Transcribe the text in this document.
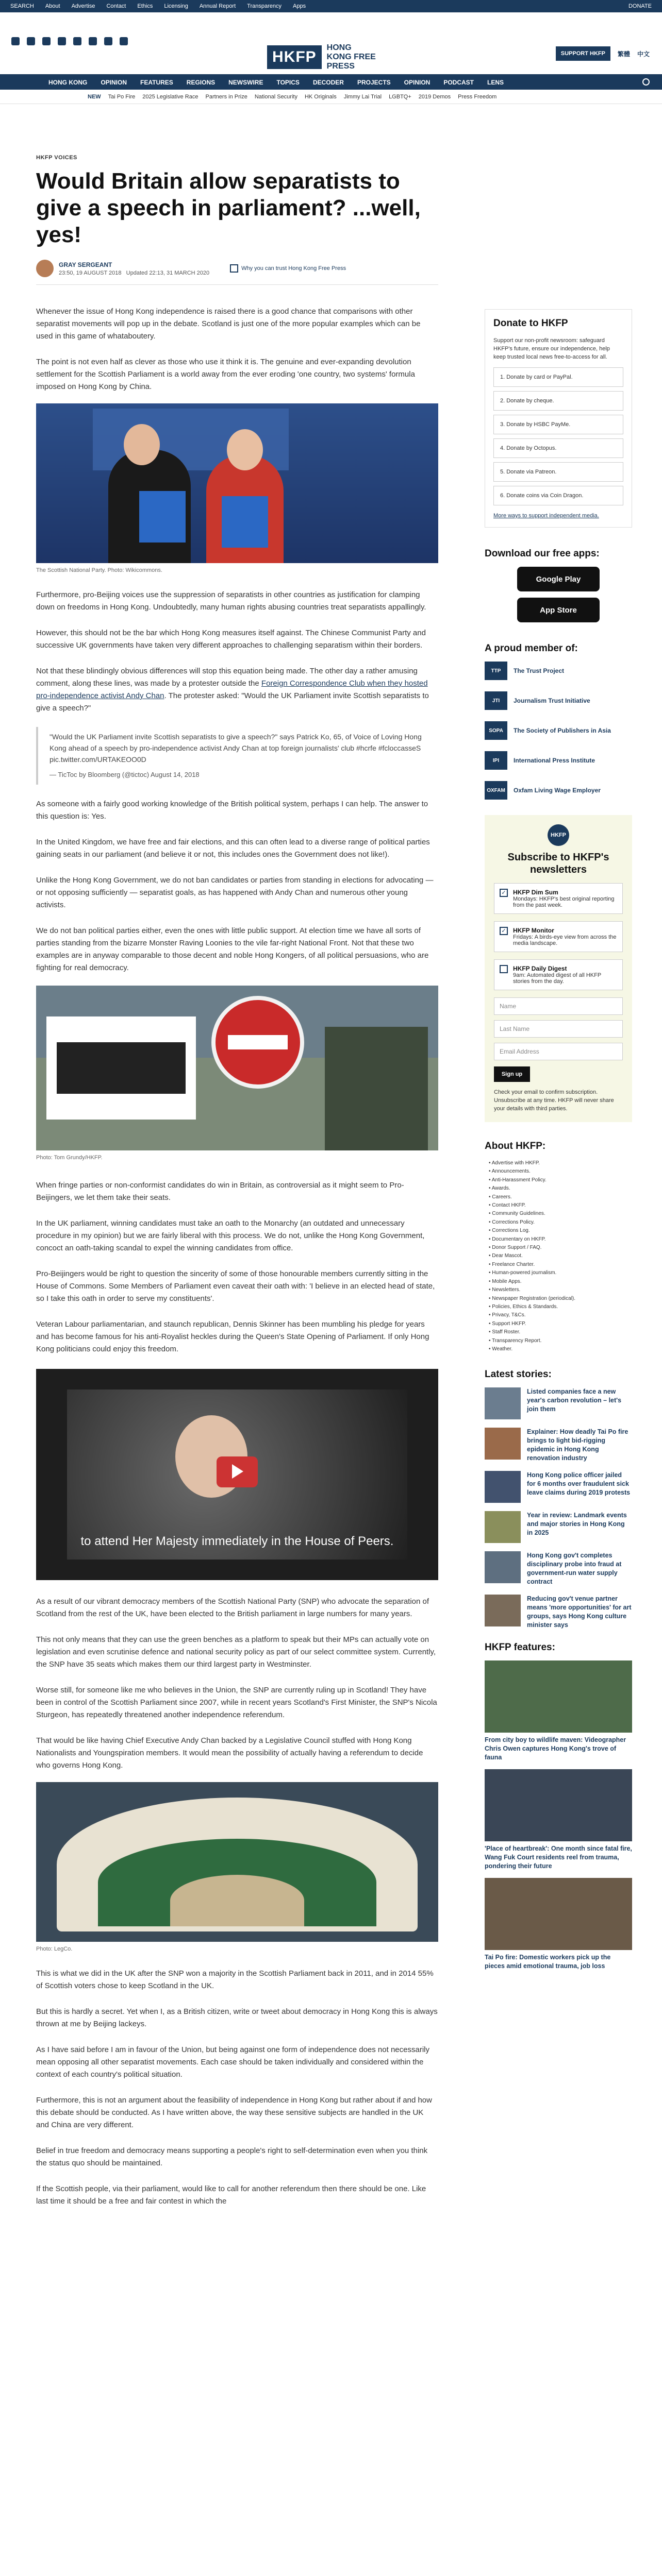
SEARCH About Advertise Contact Ethics Licensing Annual Report Transparency Apps	DONATE
HKFP
HONG KONG FREE PRESS
SUPPORT HKFP	繁體 中文
HONG KONG OPINION FEATURES REGIONS NEWSWIRE TOPICS DECODER PROJECTS OPINION PODCAST LENS
NEW Tai Po Fire 2025 Legislative Race Partners in Prize National Security HK Originals Jimmy Lai Trial LGBTQ+ 2019 Demos Press Freedom
HKFP VOICES
Would Britain allow separatists to give a speech in parliament? ...well, yes!
GRAY SERGEANT
23:50, 19 AUGUST 2018 Updated 22:13, 31 MARCH 2020
Why you can trust Hong Kong Free Press

Whenever the issue of Hong Kong independence is raised there is a good chance that comparisons with other separatist movements will pop up in the debate. Scotland is just one of the more popular examples which can be used in this game of whataboutery.

The point is not even half as clever as those who use it think it is. The genuine and ever-expanding devolution settlement for the Scottish Parliament is a world away from the ever eroding 'one country, two systems' formula imposed on Hong Kong by China.

The Scottish National Party. Photo: Wikicommons.

Furthermore, pro-Beijing voices use the suppression of separatists in other countries as justification for clamping down on freedoms in Hong Kong. Undoubtedly, many human rights abusing countries treat separatists appallingly.

However, this should not be the bar which Hong Kong measures itself against. The Chinese Communist Party and successive UK governments have taken very different approaches to challenging separatism within their borders.

Not that these blindingly obvious differences will stop this equation being made. The other day a rather amusing comment, along these lines, was made by a protester outside the Foreign Correspondence Club when they hosted pro-independence activist Andy Chan. The protester asked: "Would the UK Parliament invite Scottish separatists to give a speech?"

"Would the UK Parliament invite Scottish separatists to give a speech?" says Patrick Ko, 65, of Voice of Loving Hong Kong ahead of a speech by pro-independence activist Andy Chan at top foreign journalists' club #hcrfe #fcloccasseS pic.twitter.com/URTAKEOO0D
— TicToc by Bloomberg (@tictoc) August 14, 2018

As someone with a fairly good working knowledge of the British political system, perhaps I can help. The answer to this question is: Yes.

In the United Kingdom, we have free and fair elections, and this can often lead to a diverse range of political parties gaining seats in our parliament (and believe it or not, this includes ones the Government does not like!).

Unlike the Hong Kong Government, we do not ban candidates or parties from standing in elections for advocating — or not opposing sufficiently — separatist goals, as has happened with Andy Chan and numerous other young activists.

We do not ban political parties either, even the ones with little public support. At election time we have all sorts of parties standing from the bizarre Monster Raving Loonies to the vile far-right National Front. Not that these two examples are in anyway comparable to those decent and noble Hong Kongers, of all political persuasions, who are fighting for real democracy.

Photo: Tom Grundy/HKFP.

When fringe parties or non-conformist candidates do win in Britain, as controversial as it might seem to Pro-Beijingers, we let them take their seats.

In the UK parliament, winning candidates must take an oath to the Monarchy (an outdated and unnecessary procedure in my opinion) but we are fairly liberal with this process. We do not, unlike the Hong Kong Government, concoct an oath-taking scandal to expel the winning candidates from office.

Pro-Beijingers would be right to question the sincerity of some of those honourable members currently sitting in the House of Commons. Some Members of Parliament even caveat their oath with: 'I believe in an elected head of state, so I take this oath in order to serve my constituents'.

Veteran Labour parliamentarian, and staunch republican, Dennis Skinner has been mumbling his pledge for years and has become famous for his anti-Royalist heckles during the Queen's State Opening of Parliament. If only Hong Kong politicians could enjoy this freedom.

to attend Her Majesty immediately in the House of Peers.

As a result of our vibrant democracy members of the Scottish National Party (SNP) who advocate the separation of Scotland from the rest of the UK, have been elected to the British parliament in large numbers for many years.

This not only means that they can use the green benches as a platform to speak but their MPs can actually vote on legislation and even scrutinise defence and national security policy as part of our select committee system. Currently, the SNP have 35 seats which makes them our third largest party in Westminster.

Worse still, for someone like me who believes in the Union, the SNP are currently ruling up in Scotland! They have been in control of the Scottish Parliament since 2007, while in recent years Scotland's First Minister, the SNP's Nicola Sturgeon, has repeatedly threatened another independence referendum.

That would be like having Chief Executive Andy Chan backed by a Legislative Council stuffed with Hong Kong Nationalists and Youngspiration members. It would mean the possibility of actually having a referendum to decide who governs Hong Kong.

Photo: LegCo.

This is what we did in the UK after the SNP won a majority in the Scottish Parliament back in 2011, and in 2014 55% of Scottish voters chose to keep Scotland in the UK.

But this is hardly a secret. Yet when I, as a British citizen, write or tweet about democracy in Hong Kong this is always thrown at me by Beijing lackeys.

As I have said before I am in favour of the Union, but being against one form of independence does not necessarily mean opposing all other separatist movements. Each case should be taken individually and considered within the context of each country's political situation.

Furthermore, this is not an argument about the feasibility of independence in Hong Kong but rather about if and how this debate should be conducted. As I have written above, the way these sensitive subjects are handled in the UK and China are very different.

Belief in true freedom and democracy means supporting a people's right to self-determination even when you think the status quo should be maintained.

If the Scottish people, via their parliament, would like to call for another referendum then there should be one. Like last time it should be a free and fair contest in which the

Donate to HKFP

Support our non-profit newsroom: safeguard HKFP's future, ensure our independence, help keep trusted local news free-to-access for all.

1. Donate by card or PayPal.
2. Donate by cheque.
3. Donate by HSBC PayMe.
4. Donate by Octopus.
5. Donate via Patreon.
6. Donate coins via Coin Dragon.
More ways to support independent media.
Download our free apps:
Google Play
App Store
A proud member of:
TTP	The Trust Project
JTI	Journalism Trust Initiative
SOPA	The Society of Publishers in Asia
IPI	International Press Institute
OXFAM	Oxfam Living Wage Employer
HKFP
Subscribe to HKFP's newsletters
✓ HKFP Dim Sum
Mondays: HKFP's best original reporting from the past week.
✓ HKFP Monitor
Fridays: A birds-eye view from across the media landscape.
HKFP Daily Digest
9am: Automated digest of all HKFP stories from the day.
Name
Last Name
Email Address
Sign up
Check your email to confirm subscription. Unsubscribe at any time. HKFP will never share your details with third parties.
About HKFP:
• Advertise with HKFP.
• Announcements.
• Anti-Harassment Policy.
• Awards.
• Careers.
• Contact HKFP.
• Community Guidelines.
• Corrections Policy.
• Corrections Log.
• Documentary on HKFP.
• Donor Support / FAQ.
• Dear Mascot.
• Freelance Charter.
• Human-powered journalism.
• Mobile Apps.
• Newsletters.
• Newspaper Registration (periodical).
• Policies, Ethics & Standards.
• Privacy, T&Cs.
• Support HKFP.
• Staff Roster.
• Transparency Report.
• Weather.
Latest stories:
Listed companies face a new year's carbon revolution – let's join them
Explainer: How deadly Tai Po fire brings to light bid-rigging epidemic in Hong Kong renovation industry
Hong Kong police officer jailed for 6 months over fraudulent sick leave claims during 2019 protests
Year in review: Landmark events and major stories in Hong Kong in 2025
Hong Kong gov't completes disciplinary probe into fraud at government-run water supply contract
Reducing gov't venue partner means 'more opportunities' for art groups, says Hong Kong culture minister says
HKFP features:
From city boy to wildlife maven: Videographer Chris Owen captures Hong Kong's trove of fauna
'Place of heartbreak': One month since fatal fire, Wang Fuk Court residents reel from trauma, pondering their future
Tai Po fire: Domestic workers pick up the pieces amid emotional trauma, job loss
